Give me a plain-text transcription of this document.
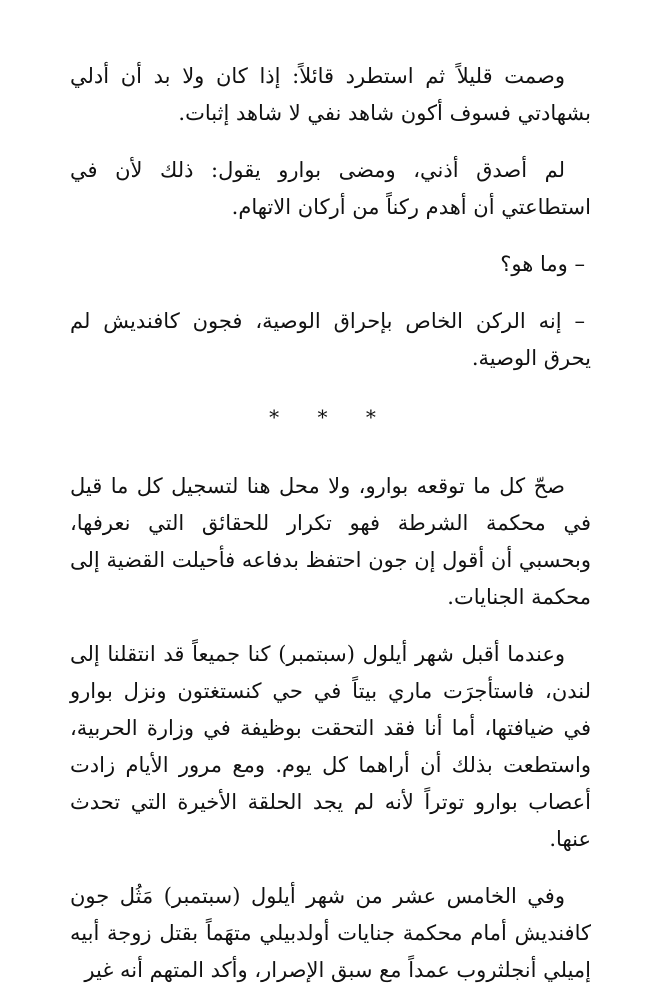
وصمت قليلاً ثم استطرد قائلاً: إذا كان ولا بد أن أدلي بشهادتي فسوف أكون شاهد نفي لا شاهد إثبات.

لم أصدق أذني، ومضى بوارو يقول: ذلك لأن في استطاعتي أن أهدم ركناً من أركان الاتهام.

– وما هو؟

– إنه الركن الخاص بإحراق الوصية، فجون كافنديش لم يحرق الوصية.

* * *

صحّ كل ما توقعه بوارو، ولا محل هنا لتسجيل كل ما قيل في محكمة الشرطة فهو تكرار للحقائق التي نعرفها، وبحسبي أن أقول إن جون احتفظ بدفاعه فأحيلت القضية إلى محكمة الجنايات.

وعندما أقبل شهر أيلول (سبتمبر) كنا جميعاً قد انتقلنا إلى لندن، فاستأجرَت ماري بيتاً في حي كنستغتون ونزل بوارو في ضيافتها، أما أنا فقد التحقت بوظيفة في وزارة الحربية، واستطعت بذلك أن أراهما كل يوم. ومع مرور الأيام زادت أعصاب بوارو توتراً لأنه لم يجد الحلقة الأخيرة التي تحدث عنها.

وفي الخامس عشر من شهر أيلول (سبتمبر) مَثُل جون كافنديش أمام محكمة جنايات أولدبيلي متهَماً بقتل زوجة أبيه إميلي أنجلثروب عمداً مع سبق الإصرار، وأكد المتهم أنه غير
